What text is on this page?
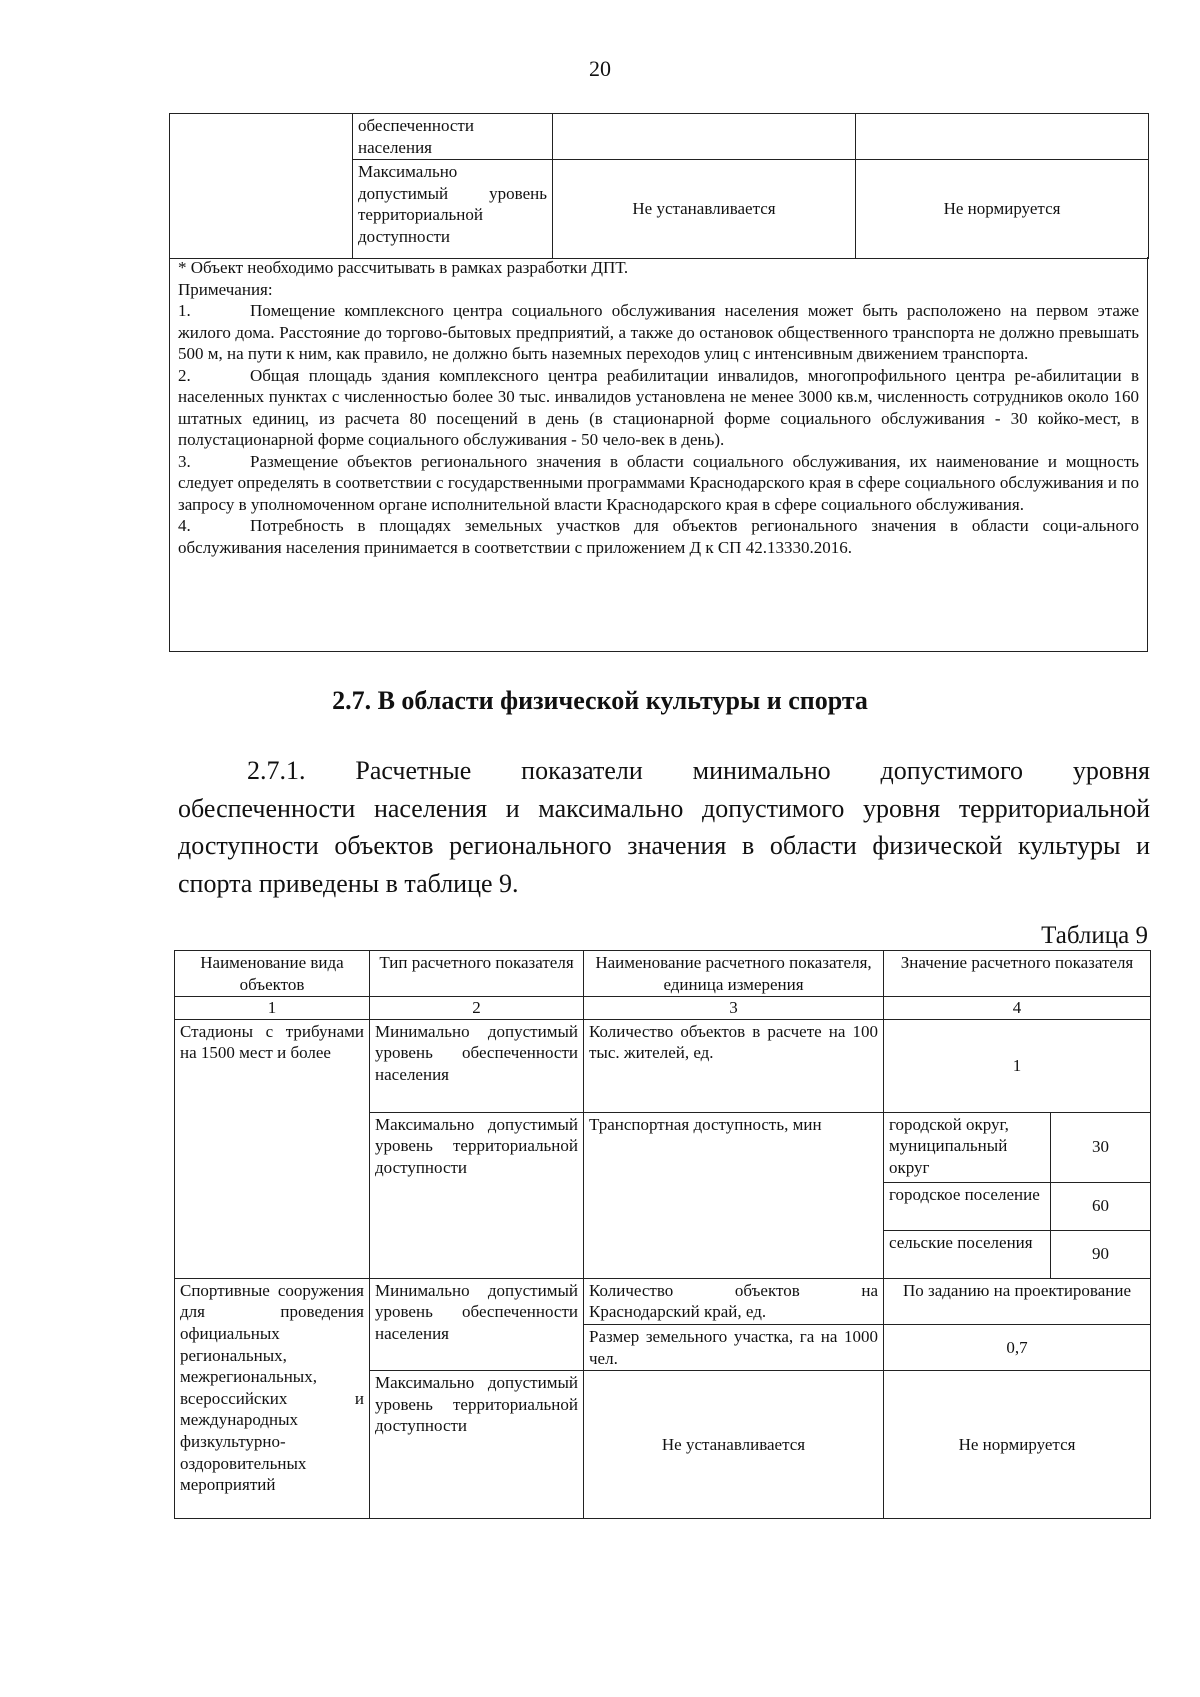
20
	обеспеченности населения		
	Максимально допустимый уровень территориальной доступности	Не устанавливается	Не нормируется

* Объект необходимо рассчитывать в рамках разработки ДПТ.

Примечания:

1.	Помещение комплексного центра социального обслуживания населения может быть расположено на первом этаже жилого дома. Расстояние до торгово-бытовых предприятий, а также до остановок общественного транспорта не должно превышать 500 м, на пути к ним, как правило, не должно быть наземных переходов улиц с интенсивным движением транспорта.

2.	Общая площадь здания комплексного центра реабилитации инвалидов, многопрофильного центра ре-абилитации в населенных пунктах с численностью более 30 тыс. инвалидов установлена не менее 3000 кв.м, численность сотрудников около 160 штатных единиц, из расчета 80 посещений в день (в стационарной форме социального обслуживания - 30 койко-мест, в полустационарной форме социального обслуживания - 50 чело-век в день).

3.	Размещение объектов регионального значения в области социального обслуживания, их наименование и мощность следует определять в соответствии с государственными программами Краснодарского края в сфере социального обслуживания и по запросу в уполномоченном органе исполнительной власти Краснодарского края в сфере социального обслуживания.

4.	Потребность в площадях земельных участков для объектов регионального значения в области соци-ального обслуживания населения принимается в соответствии с приложением Д к СП 42.13330.2016.

2.7. В области физической культуры и спорта

2.7.1. Расчетные показатели минимально допустимого уровня
обеспеченности населения и максимально допустимого уровня территориальной доступности объектов регионального значения в области физической культуры и спорта приведены в таблице 9.

Таблица 9
Наименование вида объектов	Тип расчетного показателя	Наименование расчетного показателя, единица измерения	Значение расчетного показателя	
1	2	3	4	
Стадионы с трибунами на 1500 мест и более	Минимально допустимый уровень обеспеченности населения	Количество объектов в расчете на 100 тыс. жителей, ед.	1	
	Максимально допустимый уровень территориальной доступности	Транспортная доступность, мин	городской округ, муниципальный округ	30
			городское поселение	60
			сельские поселения	90
Спортивные сооружения для проведения официальных региональных, межрегиональных, всероссийских и международных физкультурно-оздоровительных мероприятий	Минимально допустимый уровень обеспеченности населения	Количество объектов на Краснодарский край, ед.	По заданию на проектирование	
		Размер земельного участка, га на 1000 чел.	0,7	
	Максимально допустимый уровень территориальной доступности	Не устанавливается	Не нормируется	
